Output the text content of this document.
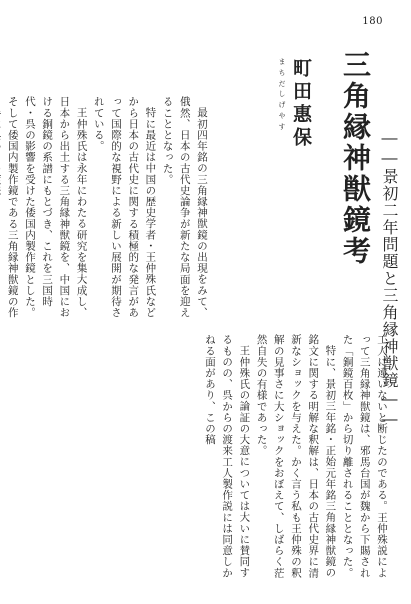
180
三角縁神獣鏡考 ――景初二年問題と三角縁神獣鏡――
まちだ
しげやす 町田惠保

最初四年銘の三角縁神獣鏡の出現をみて、俄然、日本の古代史論争が新たな局面を迎えることとなった。

特に最近は中国の歴史学者・王仲殊氏などから日本の古代史に関する積極的な発言があって国際的な視野による新しい展開が期待されている。

王仲殊氏は永年にわたる研究を集大成し、日本から出土する三角縁神獣鏡を、中国における銅鏡の系譜にもとづき、これを三国時代・呉の影響を受けた倭国内製作鏡とした。そして倭国内製作鏡である三角縁神獣鏡の作

工人に違いないと断じたのである。王仲殊説によって三角縁神獣鏡は、邪馬台国が魏から下賜された「銅鏡百枚」から切り離されることとなった。

特に、景初三年銘・正始元年銘三角縁神獣鏡の銘文に関する明解な釈解は、日本の古代史界に清新なショックを与えた。かく言う私も王仲殊の釈解の見事さに大ショックをおぼえて、しばらく茫然自失の有様であった。

王仲殊氏の論証の大意については大いに賛同するものの、呉からの渡来工人製作説には同意しかねる面があり、この稿
